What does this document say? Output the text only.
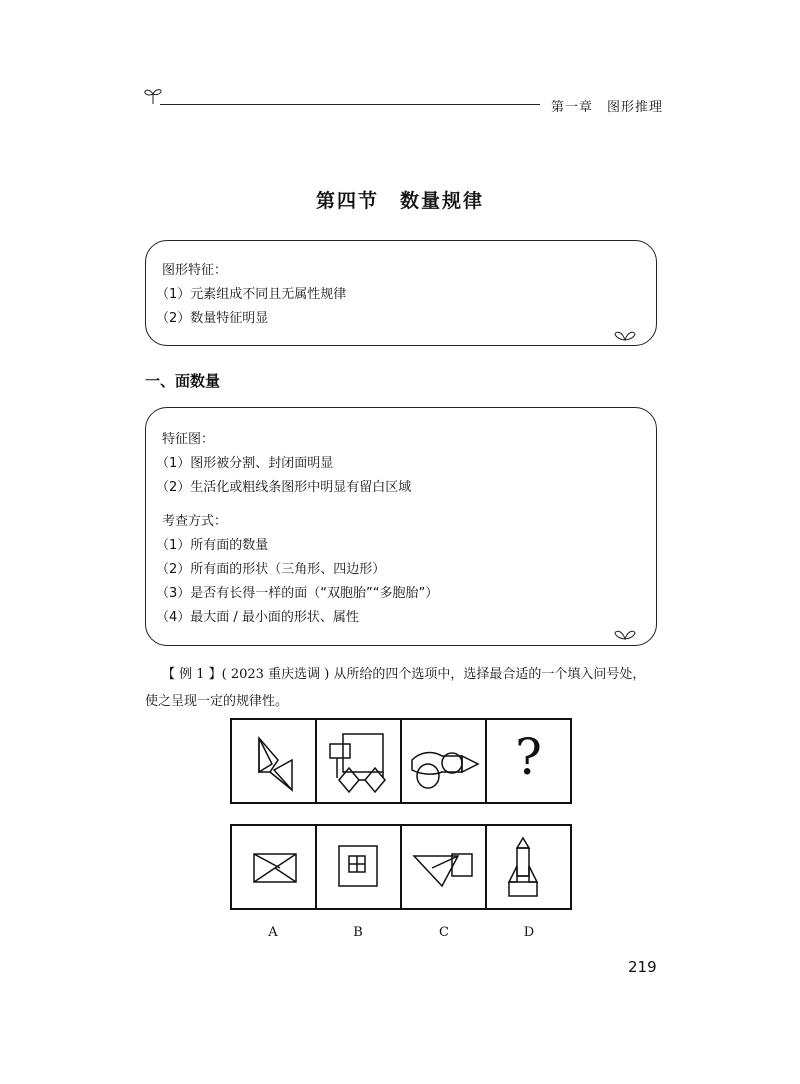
第一章　 图形推理
第四节　数量规律
图形特征：
（1）元素组成不同且无属性规律
（2）数量特征明显
一、面数量
特征图：
（1）图形被分割、封闭面明显
（2）生活化或粗线条图形中明显有留白区域
考查方式：
（1）所有面的数量
（2）所有面的形状（三角形、四边形）
（3）是否有长得一样的面（“双胞胎”“多胞胎”）
（4）最大面 / 最小面的形状、属性
【 例 1 】( 2023 重庆选调 ) 从所给的四个选项中，选择最合适的一个填入问号处，
使之呈现一定的规律性。
?
A	B	C	D
219
